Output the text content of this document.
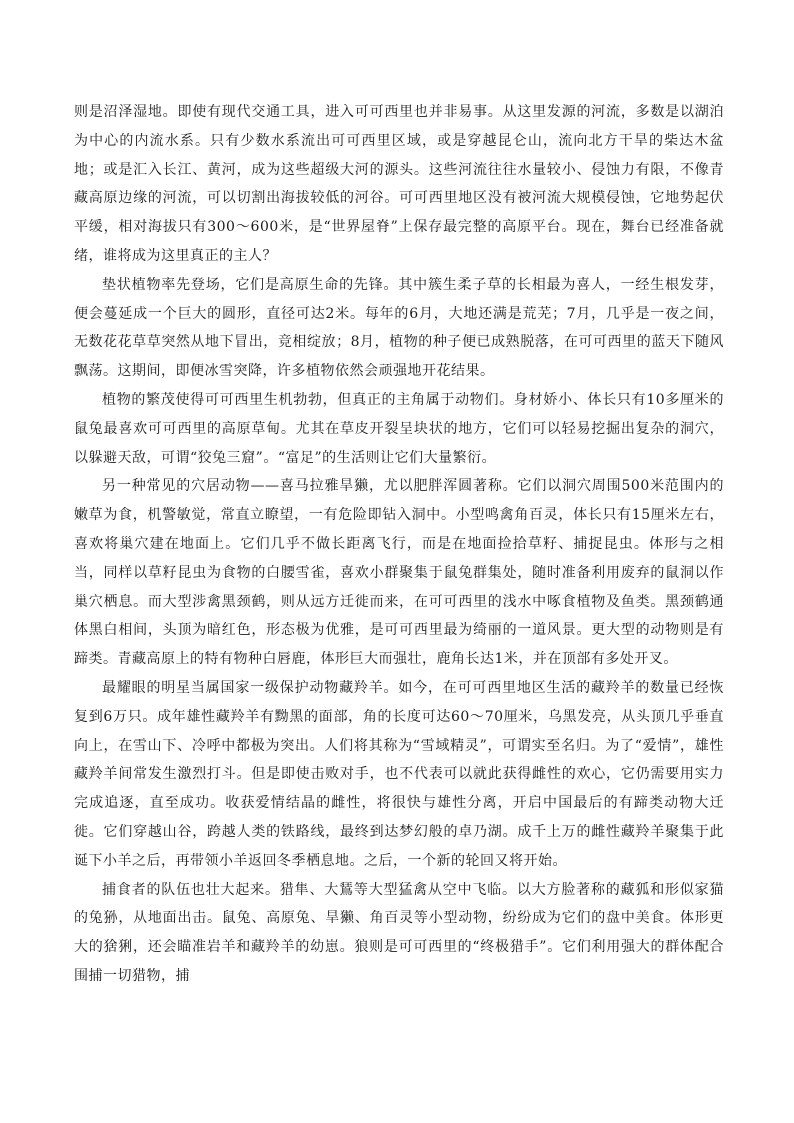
则是沼泽湿地。即使有现代交通工具，进入可可西里也并非易事。从这里发源的河流，多数是以湖泊为中心的内流水系。只有少数水系流出可可西里区域，或是穿越昆仑山，流向北方干旱的柴达木盆地；或是汇入长江、黄河，成为这些超级大河的源头。这些河流往往水量较小、侵蚀力有限，不像青藏高原边缘的河流，可以切割出海拔较低的河谷。可可西里地区没有被河流大规模侵蚀，它地势起伏平缓，相对海拔只有300～600米，是“世界屋脊”上保存最完整的高原平台。现在，舞台已经准备就绪，谁将成为这里真正的主人？

垫状植物率先登场，它们是高原生命的先锋。其中簇生柔子草的长相最为喜人，一经生根发芽，便会蔓延成一个巨大的圆形，直径可达2米。每年的6月，大地还满是荒芜；7月，几乎是一夜之间，无数花花草草突然从地下冒出，竞相绽放；8月，植物的种子便已成熟脱落，在可可西里的蓝天下随风飘荡。这期间，即便冰雪突降，许多植物依然会顽强地开花结果。

植物的繁茂使得可可西里生机勃勃，但真正的主角属于动物们。身材娇小、体长只有10多厘米的鼠兔最喜欢可可西里的高原草甸。尤其在草皮开裂呈块状的地方，它们可以轻易挖掘出复杂的洞穴，以躲避天敌，可谓“狡兔三窟”。“富足”的生活则让它们大量繁衍。

另一种常见的穴居动物——喜马拉雅旱獭，尤以肥胖浑圆著称。它们以洞穴周围500米范围内的嫩草为食，机警敏觉，常直立瞭望，一有危险即钻入洞中。小型鸣禽角百灵，体长只有15厘米左右，喜欢将巢穴建在地面上。它们几乎不做长距离飞行，而是在地面捡拾草籽、捕捉昆虫。体形与之相当，同样以草籽昆虫为食物的白腰雪雀，喜欢小群聚集于鼠兔群集处，随时准备利用废弃的鼠洞以作巢穴栖息。而大型涉禽黑颈鹤，则从远方迁徙而来，在可可西里的浅水中啄食植物及鱼类。黑颈鹤通体黑白相间，头顶为暗红色，形态极为优雅，是可可西里最为绮丽的一道风景。更大型的动物则是有蹄类。青藏高原上的特有物种白唇鹿，体形巨大而强壮，鹿角长达1米，并在顶部有多处开叉。

最耀眼的明星当属国家一级保护动物藏羚羊。如今，在可可西里地区生活的藏羚羊的数量已经恢复到6万只。成年雄性藏羚羊有黝黑的面部，角的长度可达60～70厘米，乌黑发亮，从头顶几乎垂直向上，在雪山下、冷呼中都极为突出。人们将其称为“雪域精灵”，可谓实至名归。为了“爱情”，雄性藏羚羊间常发生激烈打斗。但是即使击败对手，也不代表可以就此获得雌性的欢心，它仍需要用实力完成追逐，直至成功。收获爱情结晶的雌性，将很快与雄性分离，开启中国最后的有蹄类动物大迁徙。它们穿越山谷，跨越人类的铁路线，最终到达梦幻般的卓乃湖。成千上万的雌性藏羚羊聚集于此诞下小羊之后，再带领小羊返回冬季栖息地。之后，一个新的轮回又将开始。

捕食者的队伍也壮大起来。猎隼、大鵟等大型猛禽从空中飞临。以大方脸著称的藏狐和形似家猫的兔狲，从地面出击。鼠兔、高原兔、旱獭、角百灵等小型动物，纷纷成为它们的盘中美食。体形更大的猞猁，还会瞄准岩羊和藏羚羊的幼崽。狼则是可可西里的“终极猎手”。它们利用强大的群体配合围捕一切猎物，捕
